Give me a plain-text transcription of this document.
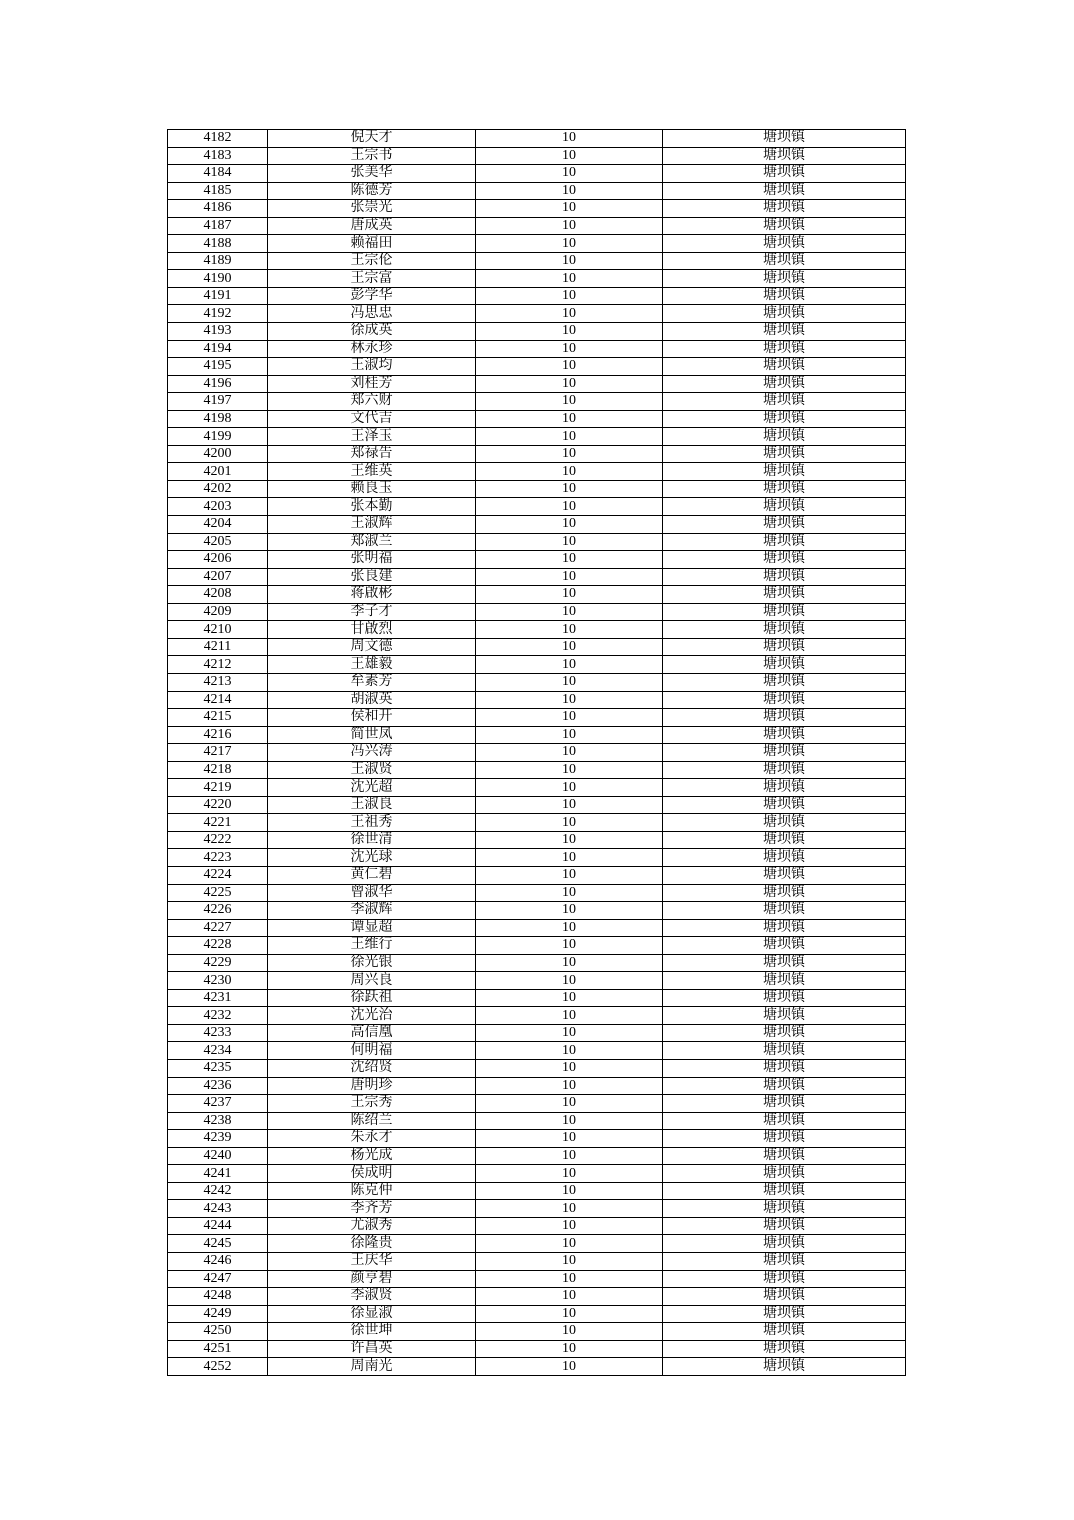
4182	倪天才	10	塘坝镇
4183	王宗书	10	塘坝镇
4184	张美华	10	塘坝镇
4185	陈德芳	10	塘坝镇
4186	张崇光	10	塘坝镇
4187	唐成英	10	塘坝镇
4188	赖福田	10	塘坝镇
4189	王宗伦	10	塘坝镇
4190	王宗富	10	塘坝镇
4191	彭学华	10	塘坝镇
4192	冯思忠	10	塘坝镇
4193	徐成英	10	塘坝镇
4194	林永珍	10	塘坝镇
4195	王淑均	10	塘坝镇
4196	刘桂芳	10	塘坝镇
4197	郑六财	10	塘坝镇
4198	文代吉	10	塘坝镇
4199	王泽玉	10	塘坝镇
4200	郑禄告	10	塘坝镇
4201	王维英	10	塘坝镇
4202	赖良玉	10	塘坝镇
4203	张本勤	10	塘坝镇
4204	王淑辉	10	塘坝镇
4205	郑淑兰	10	塘坝镇
4206	张明福	10	塘坝镇
4207	张良建	10	塘坝镇
4208	蒋啟彬	10	塘坝镇
4209	李子才	10	塘坝镇
4210	甘啟烈	10	塘坝镇
4211	周文德	10	塘坝镇
4212	王雄毅	10	塘坝镇
4213	牟素芳	10	塘坝镇
4214	胡淑英	10	塘坝镇
4215	侯和开	10	塘坝镇
4216	简世凤	10	塘坝镇
4217	冯兴涛	10	塘坝镇
4218	王淑贤	10	塘坝镇
4219	沈光超	10	塘坝镇
4220	王淑良	10	塘坝镇
4221	王祖秀	10	塘坝镇
4222	徐世清	10	塘坝镇
4223	沈光球	10	塘坝镇
4224	黄仁碧	10	塘坝镇
4225	曾淑华	10	塘坝镇
4226	李淑辉	10	塘坝镇
4227	谭显超	10	塘坝镇
4228	王维行	10	塘坝镇
4229	徐光银	10	塘坝镇
4230	周兴良	10	塘坝镇
4231	徐跃祖	10	塘坝镇
4232	沈光治	10	塘坝镇
4233	高信凰	10	塘坝镇
4234	何明福	10	塘坝镇
4235	沈绍贤	10	塘坝镇
4236	唐明珍	10	塘坝镇
4237	王宗秀	10	塘坝镇
4238	陈绍兰	10	塘坝镇
4239	朱永才	10	塘坝镇
4240	杨光成	10	塘坝镇
4241	侯成明	10	塘坝镇
4242	陈克仲	10	塘坝镇
4243	李齐芳	10	塘坝镇
4244	尤淑秀	10	塘坝镇
4245	徐隆贵	10	塘坝镇
4246	王庆华	10	塘坝镇
4247	颜亨碧	10	塘坝镇
4248	李淑贤	10	塘坝镇
4249	徐显淑	10	塘坝镇
4250	徐世坤	10	塘坝镇
4251	许昌英	10	塘坝镇
4252	周南光	10	塘坝镇
